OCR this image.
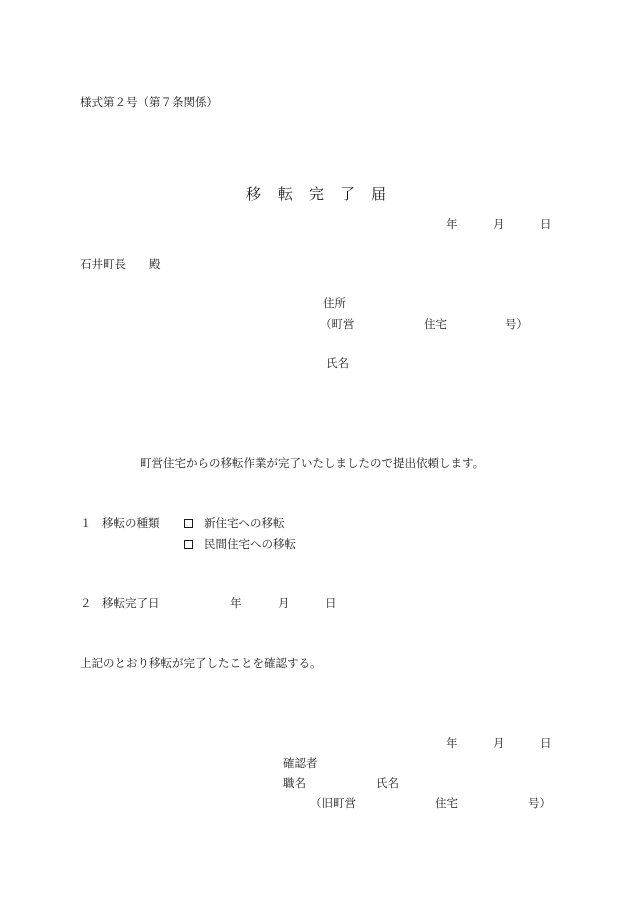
様式第２号（第７条関係）
移 転 完 了 届
年	月	日
石井町長 殿
住所
（町営	住宅	号）
氏名
町営住宅からの移転作業が完了いたしましたので提出依頼します。
１ 移転の種類	新住宅への移転
民間住宅への移転
２ 移転完了日	年	月	日
上記のとおり移転が完了したことを確認する。
年	月	日
確認者
職名	氏名
（旧町営	住宅	号）
